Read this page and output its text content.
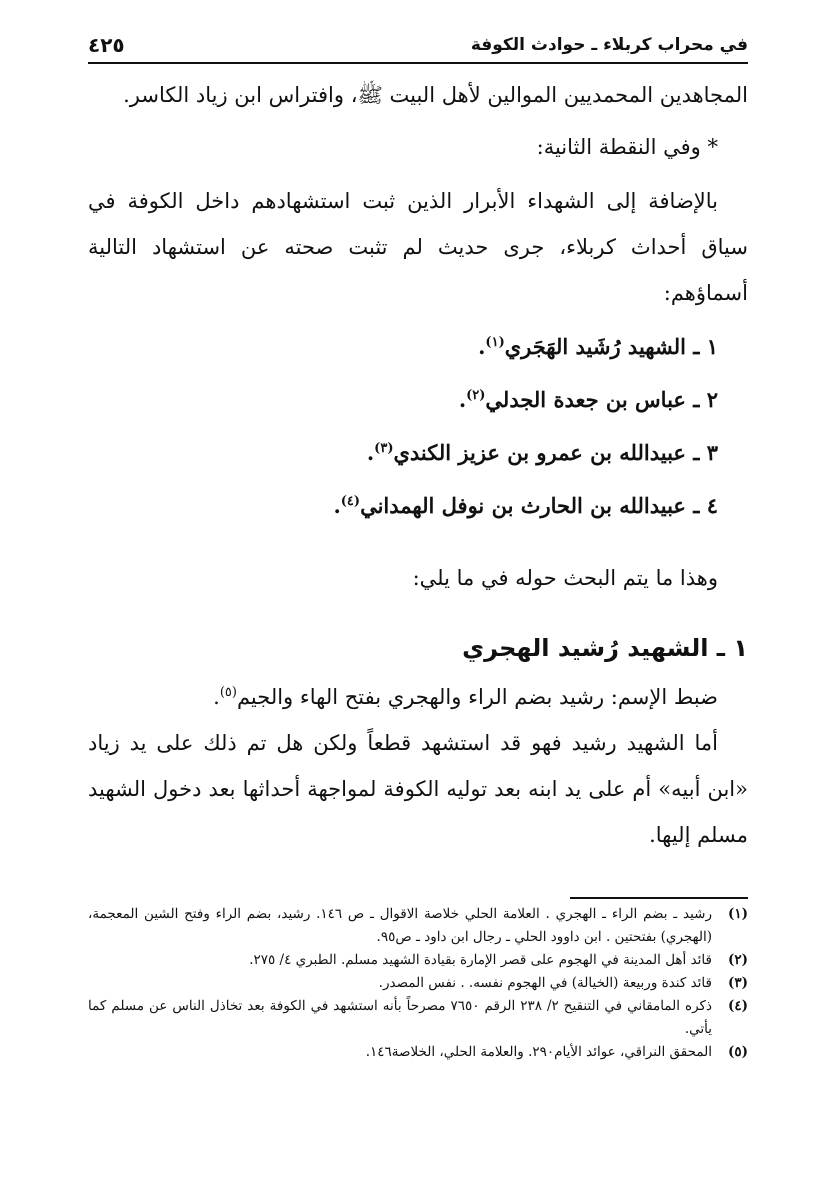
في محراب كربلاء ـ حوادث الكوفة
٤٢٥

المجاهدين المحمديين الموالين لأهل البيت ﷺ، وافتراس ابن زياد الكاسر.

* وفي النقطة الثانية:

بالإضافة إلى الشهداء الأبرار الذين ثبت استشهادهم داخل الكوفة في سياق أحداث كربلاء، جرى حديث لم تثبت صحته عن استشهاد التالية أسماؤهم:

١ ـ الشهيد رُشَيد الهَجَري$^{(١)}$.
٢ ـ عباس بن جعدة الجدلي$^{(٢)}$.
٣ ـ عبيدالله بن عمرو بن عزيز الكندي$^{(٣)}$.
٤ ـ عبيدالله بن الحارث بن نوفل الهمداني$^{(٤)}$.

وهذا ما يتم البحث حوله في ما يلي:

١ ـ الشهيد رُشيد الهجري

ضبط الإسم: رشيد بضم الراء والهجري بفتح الهاء والجيم$^{(٥)}$.

أما الشهيد رشيد فهو قد استشهد قطعاً ولكن هل تم ذلك على يد زياد «ابن أبيه» أم على يد ابنه بعد توليه الكوفة لمواجهة أحداثها بعد دخول الشهيد مسلم إليها.

(١)
رشيد ـ بضم الراء ـ الهجري . العلامة الحلي خلاصة الاقوال ـ ص ١٤٦. رشيد، بضم الراء وفتح الشين المعجمة، (الهجري) بفتحتين . ابن داوود الحلي ـ رجال ابن داود ـ ص٩٥.
(٢)
قائد أهل المدينة في الهجوم على قصر الإمارة بقيادة الشهيد مسلم. الطبري ٤/ ٢٧٥.
(٣)
قائد كندة وربيعة (الخيالة) في الهجوم نفسه. . نفس المصدر.
(٤)
ذكره المامقاني في التنقيح ٢/ ٢٣٨ الرقم ٧٦٥٠ مصرحاً بأنه استشهد في الكوفة بعد تخاذل الناس عن مسلم كما يأتي.
(٥)
المحقق النراقي، عوائد الأيام٢٩٠. والعلامة الحلي، الخلاصة١٤٦.
